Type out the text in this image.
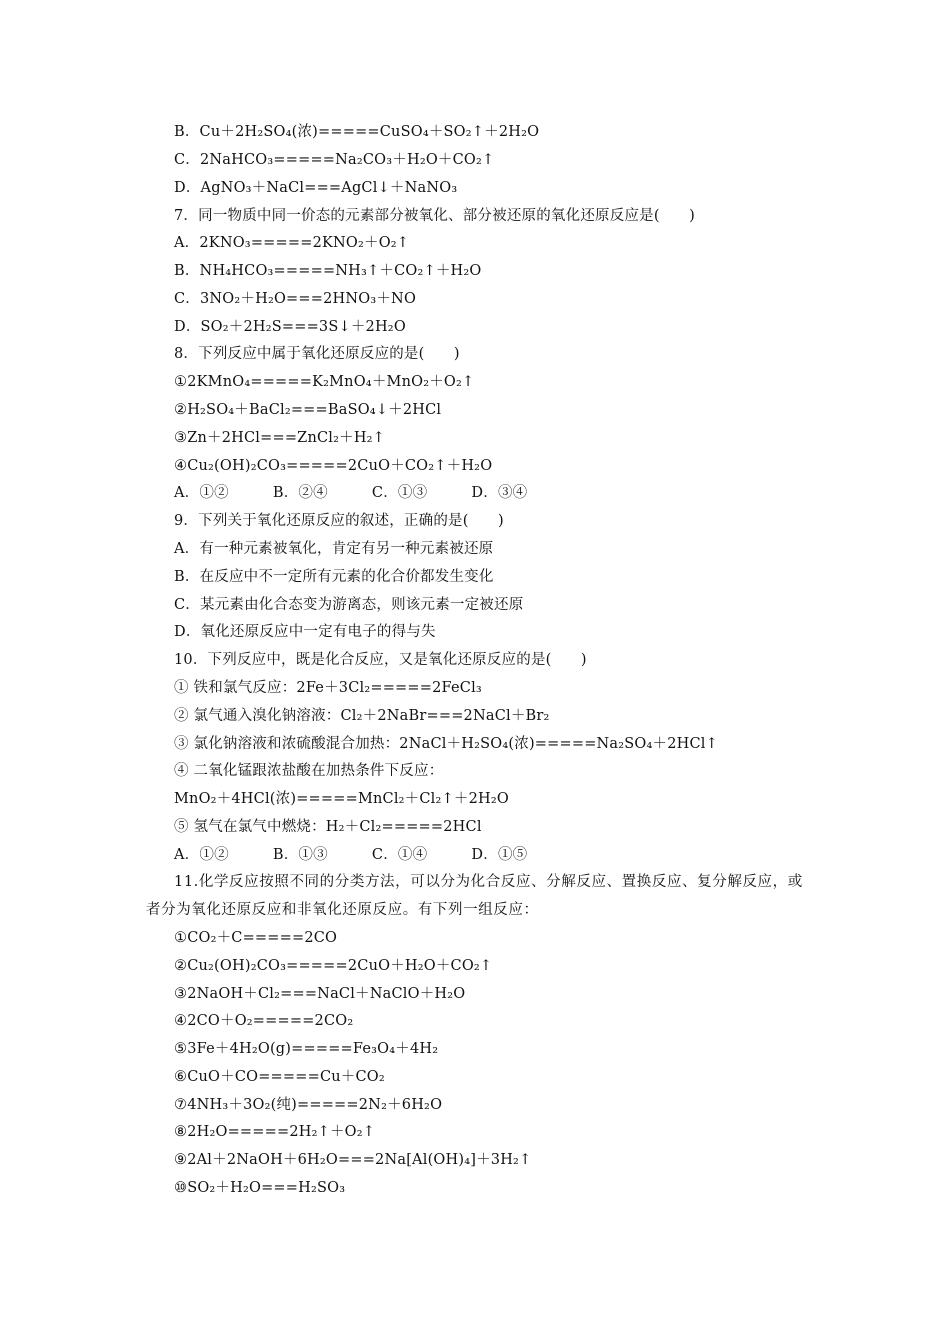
B．Cu＋2H₂SO₄(浓)=====CuSO₄＋SO₂↑＋2H₂O
C．2NaHCO₃=====Na₂CO₃＋H₂O＋CO₂↑
D．AgNO₃＋NaCl===AgCl↓＋NaNO₃
7．同一物质中同一价态的元素部分被氧化、部分被还原的氧化还原反应是(　　)
A．2KNO₃=====2KNO₂＋O₂↑
B．NH₄HCO₃=====NH₃↑＋CO₂↑＋H₂O
C．3NO₂＋H₂O===2HNO₃＋NO
D．SO₂＋2H₂S===3S↓＋2H₂O
8．下列反应中属于氧化还原反应的是(　　)
①2KMnO₄=====K₂MnO₄＋MnO₂＋O₂↑
②H₂SO₄＋BaCl₂===BaSO₄↓＋2HCl
③Zn＋2HCl===ZnCl₂＋H₂↑
④Cu₂(OH)₂CO₃=====2CuO＋CO₂↑＋H₂O
A．①②　　　B．②④　　　C．①③　　　D．③④
9．下列关于氧化还原反应的叙述，正确的是(　　)
A．有一种元素被氧化，肯定有另一种元素被还原
B．在反应中不一定所有元素的化合价都发生变化
C．某元素由化合态变为游离态，则该元素一定被还原
D．氧化还原反应中一定有电子的得与失
10．下列反应中，既是化合反应，又是氧化还原反应的是(　　)
① 铁和氯气反应：2Fe＋3Cl₂=====2FeCl₃
② 氯气通入溴化钠溶液：Cl₂＋2NaBr===2NaCl＋Br₂
③ 氯化钠溶液和浓硫酸混合加热：2NaCl＋H₂SO₄(浓)=====Na₂SO₄＋2HCl↑
④ 二氧化锰跟浓盐酸在加热条件下反应：
MnO₂＋4HCl(浓)=====MnCl₂＋Cl₂↑＋2H₂O
⑤ 氢气在氯气中燃烧：H₂＋Cl₂=====2HCl
A．①②　　　B．①③　　　C．①④　　　D．①⑤
11.化学反应按照不同的分类方法，可以分为化合反应、分解反应、置换反应、复分解反应，或者分为氧化还原反应和非氧化还原反应。有下列一组反应：
①CO₂＋C=====2CO
②Cu₂(OH)₂CO₃=====2CuO＋H₂O＋CO₂↑
③2NaOH＋Cl₂===NaCl＋NaClO＋H₂O
④2CO＋O₂=====2CO₂
⑤3Fe＋4H₂O(g)=====Fe₃O₄＋4H₂
⑥CuO＋CO=====Cu＋CO₂
⑦4NH₃＋3O₂(纯)=====2N₂＋6H₂O
⑧2H₂O=====2H₂↑＋O₂↑
⑨2Al＋2NaOH＋6H₂O===2Na[Al(OH)₄]＋3H₂↑
⑩SO₂＋H₂O===H₂SO₃
